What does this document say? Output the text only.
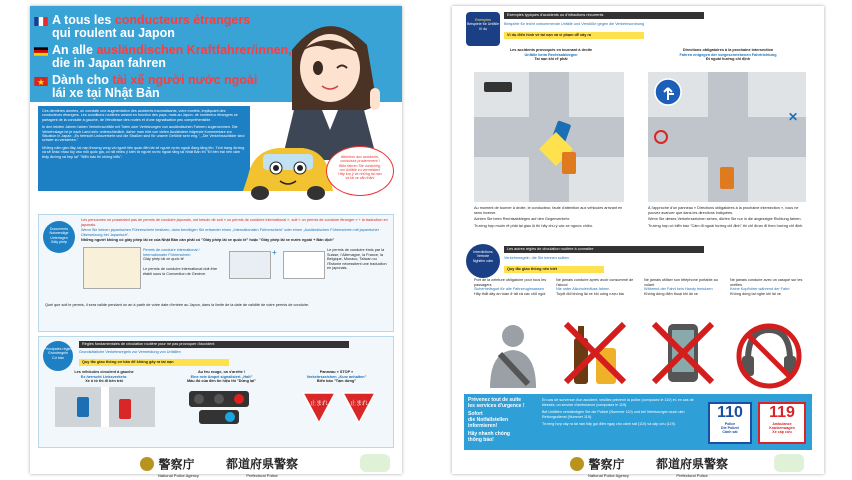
A tous les conducteurs étrangers
qui roulent au Japon
An alle ausländischen Kraftfahrer/innen,
die in Japan fahren
Dành cho tài xế người nước ngoài
lái xe tại Nhật Bản

Ces dernières années, on constate une augmentation des accidents traumatisants, voire mortels, impliquant des conducteurs étrangers. Les conditions routières variant en fonction des pays, mais au Japon, de nombreux étrangers se partagent de la conduite à gauche, de l'étroitesse des routes et d'une signalisation peu compréhensible.

In den letzten Jahren haben Verkehrsunfälle mit Toten oder Verletzungen von ausländischen Fahrern zugenommen. Die Verkehrslage ist je nach Land sehr unterschiedlich, daher man hört von vielen Ausländern folgende Kommentare zur Situation in Japan: „Es herrscht Linksverkehr und die Straßen sind für unsere Gefühle sehr eng.", „Die Verkehrsschilder sind schwer zu verstehen."

Những năm gần đây, tai nạn thương vong và người liên quan đến tài xế người nước ngoài đang tăng lên. Tình trạng đường xá sẽ khác nhau tùy vào mỗi quốc gia, có rất nhiều ý kiến từ người nước ngoài rằng tại Nhật Bản thì "Đi bên trái nên cảm thấy đường xá hẹp lại" "Biển báo thì không hiểu".	Attention aux accidents,
conduisez prudemment !
Bitte fahren Sie vorsichtig,
um Unfälle zu vermeiden!
Hãy lưu ý về những tai nạn
và lái xe cẩn thận!
Documents
Notwendige Unterlagen
Giấy phép
Les personnes ne possédant pas de permis de conduire japonais, ont besoin de soit « un permis de conduire international », soit « un permis de conduire étranger » + la traduction en japonais.
Wenn Sie keinen japanischen Führerschein besitzen, dann benötigen Sie entweder einen „Internationalen Führerschein" oder einen „Ausländischen Führerschein mit japanischer Übersetzung bei Japanisch".
Những người không có giấy phép lái xe của Nhật Bản cần phải có "Giấy phép lái xe quốc tế" hoặc "Giấy phép lái xe nước ngoài + Bản dịch"
Permis de conduire international / Internationaler Führerschein
Giấy phép lái xe quốc tế
Le permis de conduire international doit être établi sous la Convention de Genève.
+	Le permis de conduire émis par la Suisse, l'Allemagne, la France, la Belgique, Monaco, Taïwan ou l'Estonie nécessitent une traduction en japonais.
Quel que soit le permis, il sera valide pendant un an à partir de votre date d'entrée au Japon, dans la limite de la date de validité de votre permis de conduire.
Principales règles
Grundregeln
Cơ bản
Règles fondamentales de circulation routière pour ne pas provoquer d'accident
Grundsätzliche Verkehrsregeln zur Vermeidung von Unfällen
Quy tắc giao thông cơ bản để không gây ra tai nạn
Les véhicules circulent à gauche
Es herrscht Linksverkehr.
Xe ô tô thì đi bên trái
Au feu rouge, on s'arrête !
Eine rote Ampel signalisiert „Halt"
Màu đỏ của đèn tín hiệu thì "Dừng lại"
Panneau « STOP »
Verkehrszeichen „Kurz anhalten"
Biển báo "Tạm dừng"
止まれ	止まれ
警察庁
National Police Agency
都道府県警察
Prefectural Police
Exemples
Beispiele für Unfälle
Ví dụ
Exemples typiques d'accidents ou d'infractions récurrents
Beispiele für leicht vorkommende Unfälle und Verstöße gegen die Verkehrsordnung
Ví dụ điển hình về tai nạn và vi phạm dễ xảy ra
Les accidents provoqués en tournant à droite
Unfälle beim Rechtsabbiegen
Tai nạn khi rẽ phải
Directions obligatoires à la prochaine intersection
Fahren entgegen der vorgeschriebenen Fahrtrichtung
Đi ngoài hướng chỉ định
✕
Au moment de tourner à droite, le conducteur, faute d'attention aux véhicules arrivant en sens inverse.
Achten Sie beim Rechtsabbiegen auf den Gegenverkehr.
Trường hợp muốn rẽ phải tại giao lộ thì hãy chú ý các xe ngược chiều.
À l'approche d'un panneau « Directions obligatoires à la prochaine intersection », vous ne pouvez avancer que dans les directions indiquées.
Wenn Sie dieses Verkehrszeichen sehen, dürfen Sie nur in die angezeigte Richtung fahren.
Trường hợp có biển báo "Cấm đi ngoài hướng chỉ định" thì chỉ được đi theo hướng chỉ định.
Interdictions
Verbote
Nghiêm cấm
Les autres règles de circulation routière à connaître
Verkehrsregeln, die Sie kennen sollten
Quy tắc giao thông nên biết
Port de la ceinture obligatoire pour tous les passagers
Sicherheitsgurt für alle Fahrzeuginsassen
Hãy thắt dây an toàn ở tất cả các chỗ ngồi
Ne jamais conduire après avoir consommé de l'alcool
Nie unter Alkoholeinfluss fahren
Tuyệt đối không lái xe khi uống rượu bia
Ne jamais utiliser son téléphone portable au volant
Während der Fahrt kein Handy benutzen
Không dùng điện thoại khi lái xe
Ne jamais conduire avec un casque sur les oreilles
Keine Kopfhörer während der Fahrt
Không dùng tai nghe khi lái xe
Prévenez tout de suite
les services d'urgence !
Sofort
die Notfallstellen informieren!
Hãy nhanh chóng
thông báo!
En cas de survenue d'un accident, veuillez prévenir la police (composez le 110) et, en cas de blessés, un service d'ambulance (composez le 119).
Bei Unfällen verständigen Sie die Polizei (Nummer 110) und bei Verletzungen auch den Rettungsdienst (Nummer 119).
Trường hợp xảy ra tai nạn hãy gọi điện ngay cho cảnh sát (110) và cấp cứu (119).
110
Police
Die Polizei
Cảnh sát
119
Ambulance
Krankenwagen
Xe cấp cứu
警察庁
National Police Agency
都道府県警察
Prefectural Police
